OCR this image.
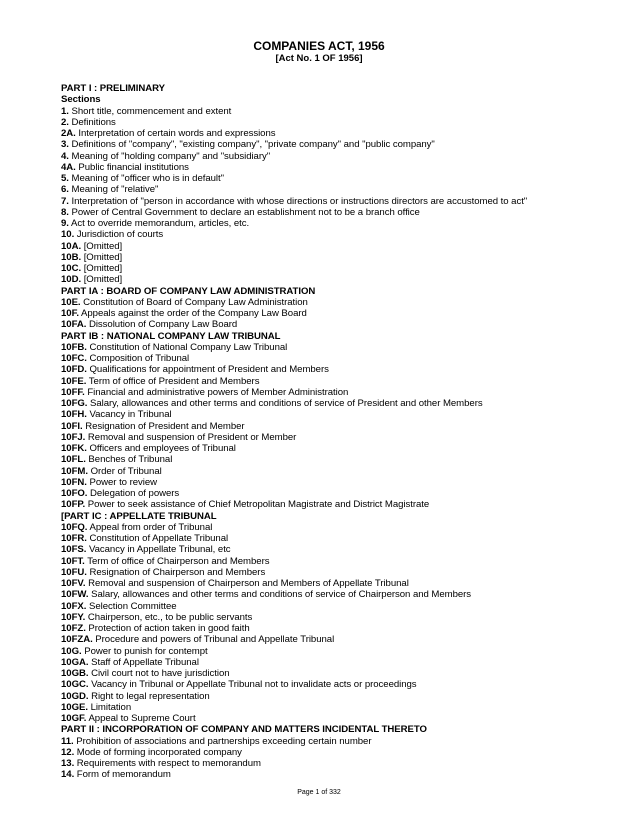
COMPANIES ACT, 1956
[Act No. 1 OF 1956]
PART I : PRELIMINARY
Sections
1. Short title, commencement and extent
2. Definitions
2A. Interpretation of certain words and expressions
3. Definitions of "company", "existing company", "private company" and "public company"
4. Meaning of "holding company" and "subsidiary"
4A. Public financial institutions
5. Meaning of "officer who is in default"
6. Meaning of "relative"
7. Interpretation of "person in accordance with whose directions or instructions directors are accustomed to act"
8. Power of Central Government to declare an establishment not to be a branch office
9. Act to override memorandum, articles, etc.
10. Jurisdiction of courts
10A. [Omitted]
10B. [Omitted]
10C. [Omitted]
10D. [Omitted]
PART IA : BOARD OF COMPANY LAW ADMINISTRATION
10E. Constitution of Board of Company Law Administration
10F. Appeals against the order of the Company Law Board
10FA. Dissolution of Company Law Board
PART IB : NATIONAL COMPANY LAW TRIBUNAL
10FB. Constitution of National Company Law Tribunal
10FC. Composition of Tribunal
10FD. Qualifications for appointment of President and Members
10FE. Term of office of President and Members
10FF. Financial and administrative powers of Member Administration
10FG. Salary, allowances and other terms and conditions of service of President and other Members
10FH. Vacancy in Tribunal
10FI. Resignation of President and Member
10FJ. Removal and suspension of President or Member
10FK. Officers and employees of Tribunal
10FL. Benches of Tribunal
10FM. Order of Tribunal
10FN. Power to review
10FO. Delegation of powers
10FP. Power to seek assistance of Chief Metropolitan Magistrate and District Magistrate
[PART IC : APPELLATE TRIBUNAL
10FQ. Appeal from order of Tribunal
10FR. Constitution of Appellate Tribunal
10FS. Vacancy in Appellate Tribunal, etc
10FT. Term of office of Chairperson and Members
10FU. Resignation of Chairperson and Members
10FV. Removal and suspension of Chairperson and Members of Appellate Tribunal
10FW. Salary, allowances and other terms and conditions of service of Chairperson and Members
10FX. Selection Committee
10FY. Chairperson, etc., to be public servants
10FZ. Protection of action taken in good faith
10FZA. Procedure and powers of Tribunal and Appellate Tribunal
10G. Power to punish for contempt
10GA. Staff of Appellate Tribunal
10GB. Civil court not to have jurisdiction
10GC. Vacancy in Tribunal or Appellate Tribunal not to invalidate acts or proceedings
10GD. Right to legal representation
10GE. Limitation
10GF. Appeal to Supreme Court
PART II : INCORPORATION OF COMPANY AND MATTERS INCIDENTAL THERETO
11. Prohibition of associations and partnerships exceeding certain number
12. Mode of forming incorporated company
13. Requirements with respect to memorandum
14. Form of memorandum
Page 1 of 332
